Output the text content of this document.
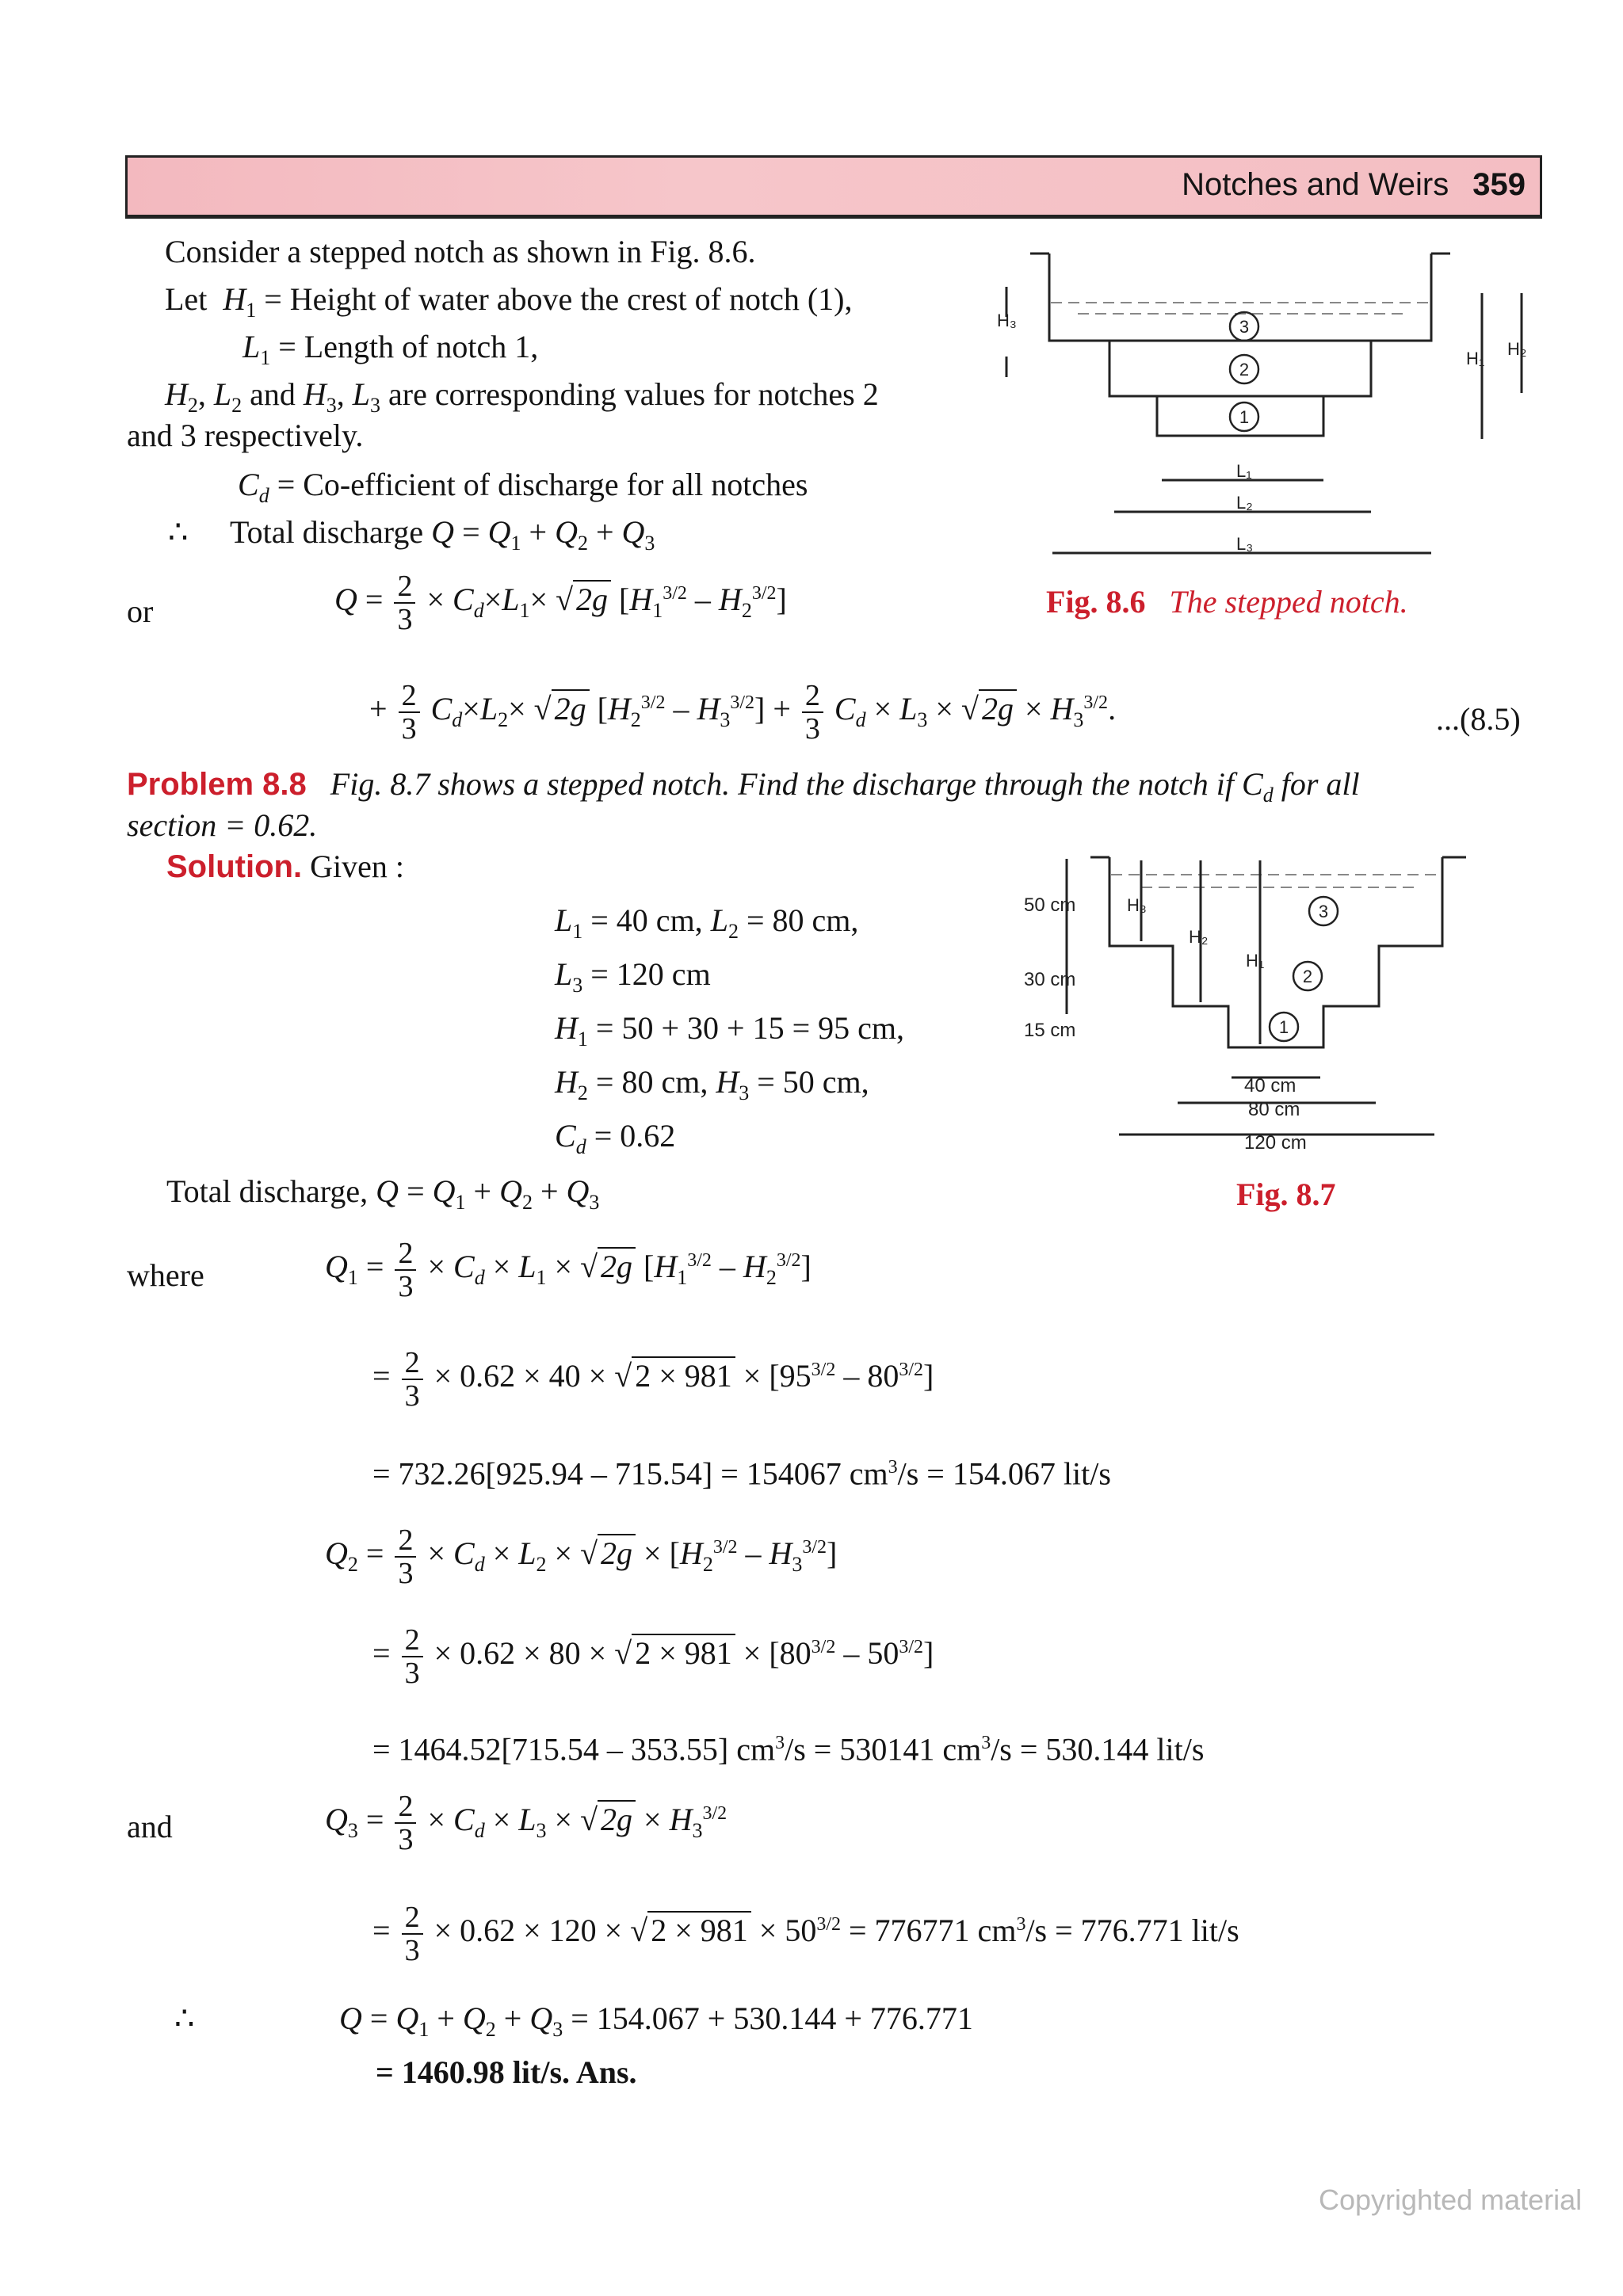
Notches and Weirs 359
Consider a stepped notch as shown in Fig. 8.6.
Let $H_1$ = Height of water above the crest of notch (1),
$L_1$ = Length of notch 1,
$H_2$, $L_2$ and $H_3$, $L_3$ are corresponding values for notches 2
and 3 respectively.
$C_d$ = Co-efficient of discharge for all notches
∴ Total discharge $Q = Q_1 + Q_2 + Q_3$
or	$Q = \frac{2}{3} \times C_d\times L_1\times$ √ 2g $[H_1^{3/2} - H_2^{3/2}]$
+ $\frac{2}{3} C_d\times L_2\times$ √ 2g $[H_2^{3/2} - H_3^{3/2}] + \frac{2}{3} C_d \times L_3$ × √ $2g \times H_3^{3/2}$.	...(8.5)
3
2
1
H₃
H₁ H₂
L₁
L₂
L₃
Fig. 8.6 The stepped notch.
Problem 8.8 Fig. 8.7 shows a stepped notch. Find the discharge through the notch if $C_d$ for all
section = 0.62.
Solution. Given :
$L_1 = 40$ cm, $L_2 = 80$ cm,
$L_3 = 120$ cm
$H_1 = 50 + 30 + 15 = 95$ cm,
$H_2 = 80$ cm, $H_3 = 50$ cm,
$C_d = 0.62$
3
2
1
50 cm
30 cm
15 cm
H₃
H₂
H₁
40 cm
80 cm
120 cm
Fig. 8.7
Total discharge, $Q = Q_1 + Q_2 + Q_3$
where	$Q_1 = \frac{2}{3} \times C_d \times L_1$ × √ 2g $[H_1^{3/2} - H_2^{3/2}]$
= $\frac{2}{3} \times 0.62 \times 40$ × √ $2 \times 981 \times [95^{3/2} - 80^{3/2}]$
= 732.26[925.94 – 715.54] = 154067 $cm^3/s = 154.067$ lit/s
$Q_2 = \frac{2}{3} \times C_d \times L_2$ × √ $2g \times [H_2^{3/2} - H_3^{3/2}]$
= $\frac{2}{3} \times 0.62 \times 80$ × √ $2 \times 981 \times [80^{3/2} - 50^{3/2}]$
= 1464.52[715.54 – 353.55] $cm^3/s = 530141$ $cm^3/s = 530.144$ lit/s
and	$Q_3 = \frac{2}{3} \times C_d \times L_3$ × √ $2g \times H_3^{3/2}$
= $\frac{2}{3} \times 0.62 \times 120$ × √ $2 \times 981 \times 50^{3/2} = 776771$ $cm^3/s = 776.771$ lit/s
∴	$Q = Q_1 + Q_2 + Q_3 = 154.067 + 530.144 + 776.771$
= 1460.98 lit/s. Ans.
Copyrighted material
